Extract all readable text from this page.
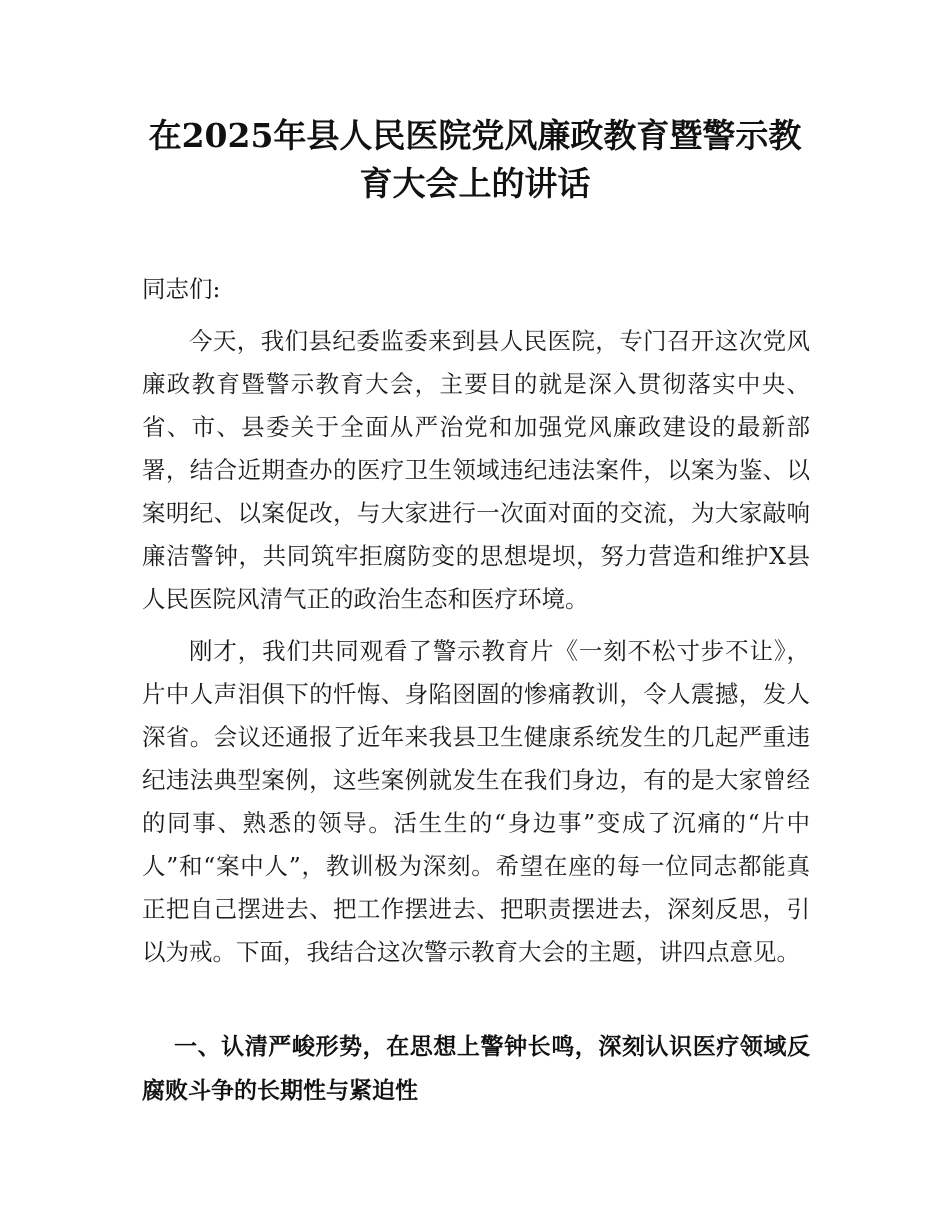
在2025年县人民医院党风廉政教育暨警示教育大会上的讲话

同志们:

今天，我们县纪委监委来到县人民医院，专门召开这次党风廉政教育暨警示教育大会，主要目的就是深入贯彻落实中央、省、市、县委关于全面从严治党和加强党风廉政建设的最新部署，结合近期查办的医疗卫生领域违纪违法案件，以案为鉴、以案明纪、以案促改，与大家进行一次面对面的交流，为大家敲响廉洁警钟，共同筑牢拒腐防变的思想堤坝，努力营造和维护X县人民医院风清气正的政治生态和医疗环境。

刚才，我们共同观看了警示教育片《一刻不松寸步不让》，片中人声泪俱下的忏悔、身陷囹圄的惨痛教训，令人震撼，发人深省。会议还通报了近年来我县卫生健康系统发生的几起严重违纪违法典型案例，这些案例就发生在我们身边，有的是大家曾经的同事、熟悉的领导。活生生的“身边事”变成了沉痛的“片中人”和“案中人”，教训极为深刻。希望在座的每一位同志都能真正把自己摆进去、把工作摆进去、把职责摆进去，深刻反思，引以为戒。下面，我结合这次警示教育大会的主题，讲四点意见。

一、认清严峻形势，在思想上警钟长鸣，深刻认识医疗领域反腐败斗争的长期性与紧迫性
